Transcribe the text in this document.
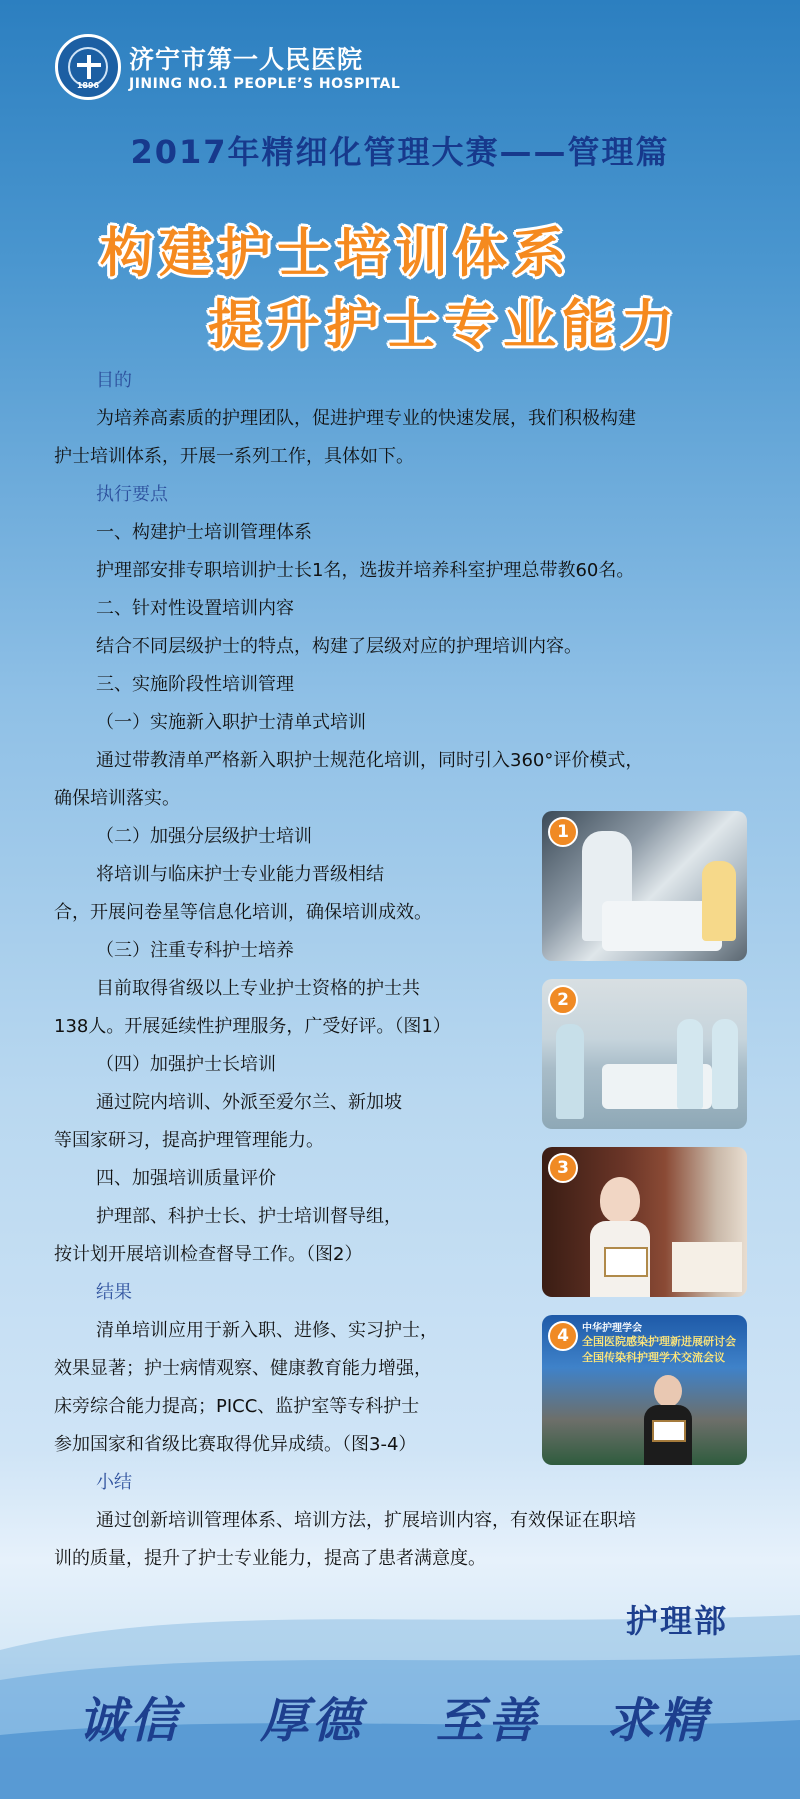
1896
济宁市第一人民医院
JINING NO.1 PEOPLE’S HOSPITAL
2017年精细化管理大赛——管理篇
构建护士培训体系
提升护士专业能力
目的
为培养高素质的护理团队，促进护理专业的快速发展，我们积极构建
护士培训体系，开展一系列工作，具体如下。
执行要点
一、构建护士培训管理体系
护理部安排专职培训护士长1名，选拔并培养科室护理总带教60名。
二、针对性设置培训内容
结合不同层级护士的特点，构建了层级对应的护理培训内容。
三、实施阶段性培训管理
（一）实施新入职护士清单式培训
通过带教清单严格新入职护士规范化培训，同时引入360°评价模式，
确保培训落实。
（二）加强分层级护士培训
将培训与临床护士专业能力晋级相结
合，开展问卷星等信息化培训，确保培训成效。
（三）注重专科护士培养
目前取得省级以上专业护士资格的护士共
138人。开展延续性护理服务，广受好评。（图1）
（四）加强护士长培训
通过院内培训、外派至爱尔兰、新加坡
等国家研习，提高护理管理能力。
四、加强培训质量评价
护理部、科护士长、护士培训督导组，
按计划开展培训检查督导工作。（图2）
结果
清单培训应用于新入职、进修、实习护士，
效果显著；护士病情观察、健康教育能力增强，
床旁综合能力提高；PICC、监护室等专科护士
参加国家和省级比赛取得优异成绩。（图3-4）
小结
通过创新培训管理体系、培训方法，扩展培训内容，有效保证在职培
训的质量，提升了护士专业能力，提高了患者满意度。
1
2
3
中华护理学会
全国医院感染护理新进展研讨会
全国传染科护理学术交流会议
4
护理部
诚信 厚德 至善 求精
